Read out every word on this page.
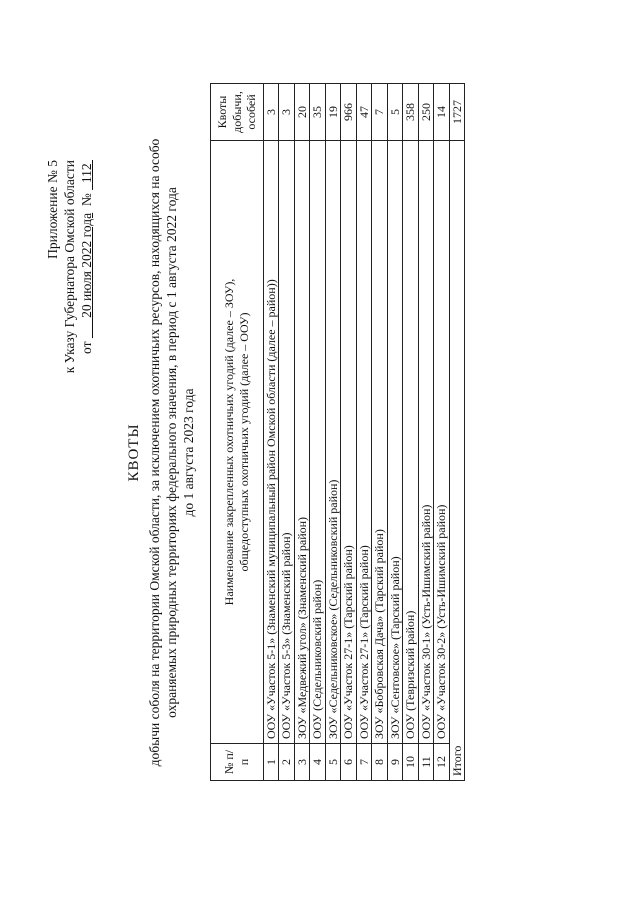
Приложение № 5 к Указу Губернатора Омской области от       20 июля 2022 года  №   112
КВОТЫ добычи соболя на территории Омской области, за исключением охотничьих ресурсов, находящихся на особо охраняемых природных территориях федерального значения, в период с 1 августа 2022 года до 1 августа 2023 года
№ п/п	Наименование закрепленных охотничьих угодий (далее – ЗОУ), общедоступных охотничьих угодий (далее – ООУ)	Квоты добычи, особей
1	ООУ «Участок 5-1» (Знаменский муниципальный район Омской области (далее – район))	3
2	ООУ «Участок 5-3» (Знаменский район)	3
3	ЗОУ «Медвежий угол» (Знаменский район)	20
4	ООУ (Седельниковский район)	35
5	ЗОУ «Седельниковское» (Седельниковский район)	19
6	ООУ «Участок 27-1» (Тарский район)	966
7	ООУ «Участок 27-1» (Тарский район)	47
8	ЗОУ «Бобровская Дача» (Тарский район)	7
9	ЗОУ «Сентовское» (Тарский район)	5
10	ООУ (Тевризский район)	358
11	ООУ «Участок 30-1» (Усть-Ишимский район)	250
12	ООУ «Участок 30-2» (Усть-Ишимский район)	14
Итого		1727
